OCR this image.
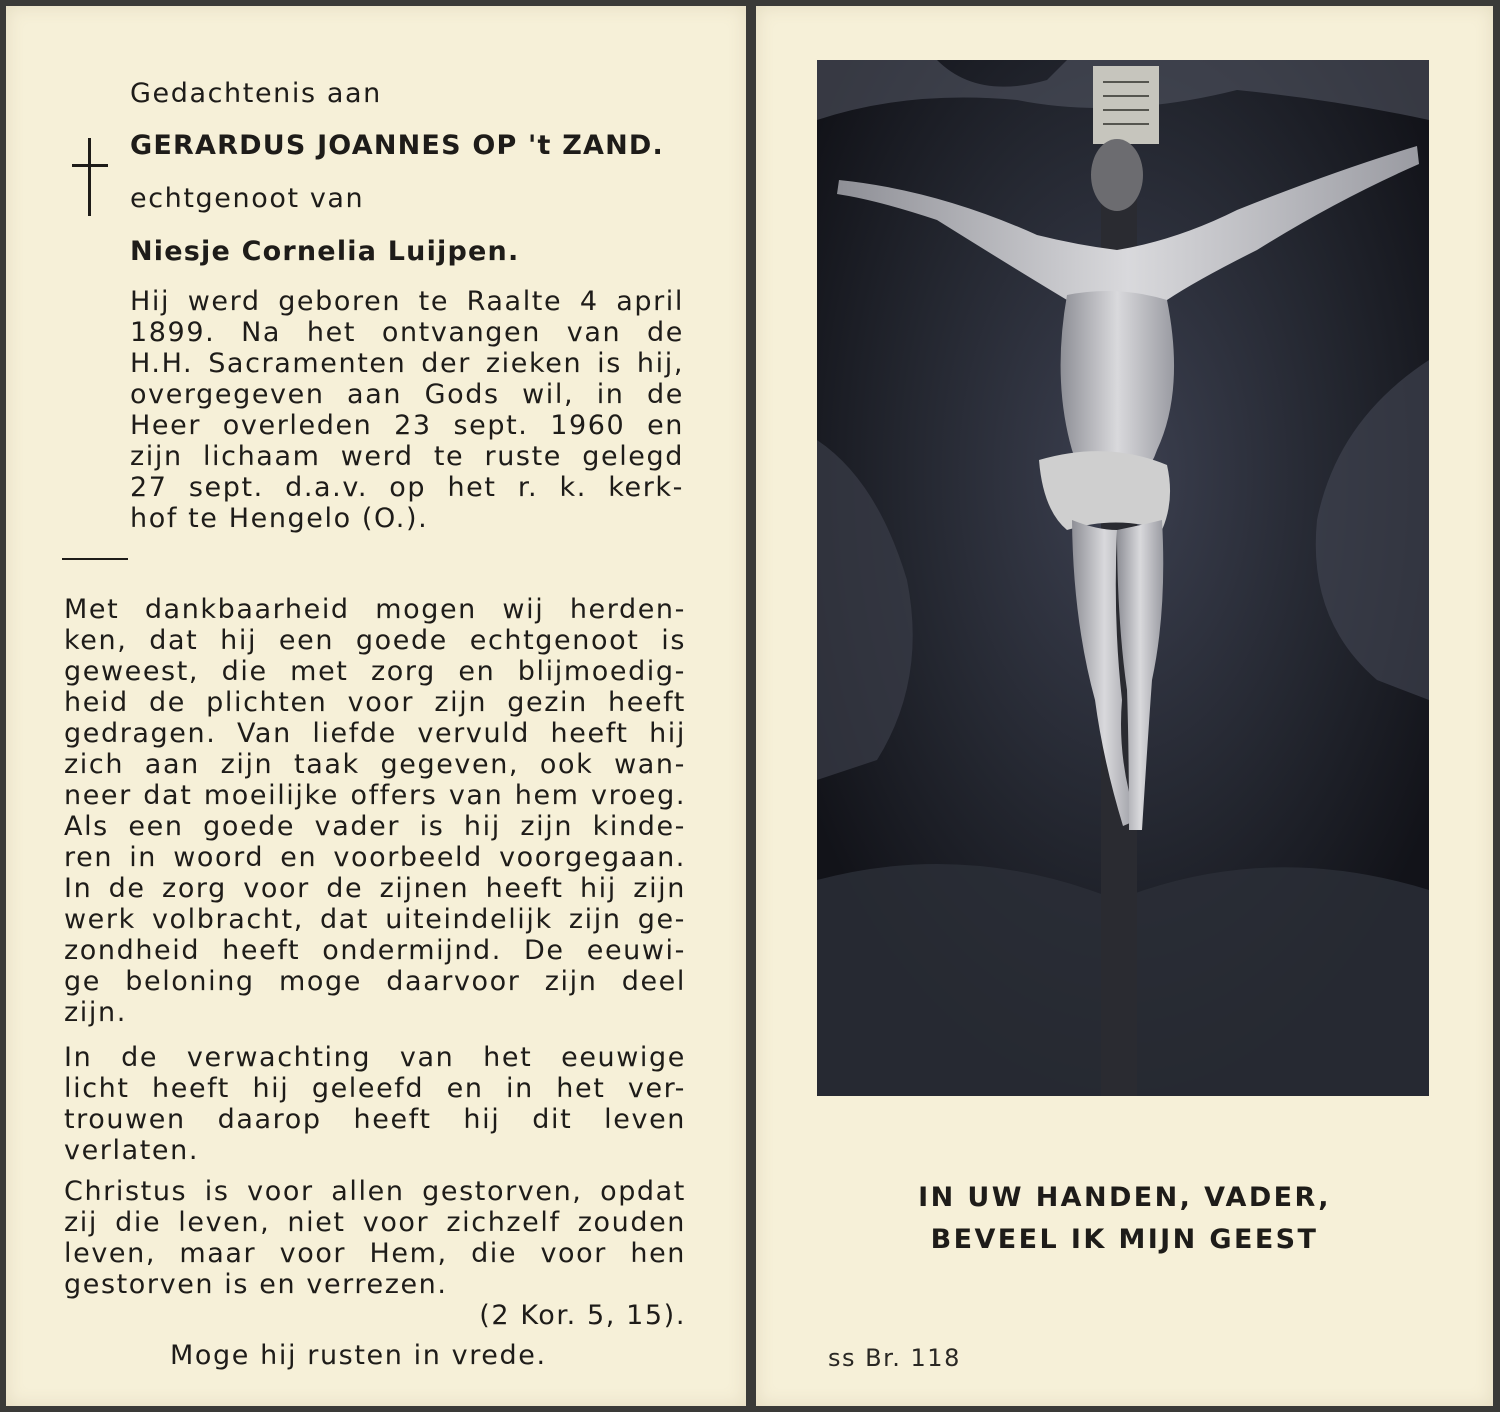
Gedachtenis aan
GERARDUS JOANNES OP 't ZAND.
echtgenoot van
Niesje Cornelia Luijpen.
Hij werd geboren te Raalte 4 april
1899. Na het ontvangen van de
H.H. Sacramenten der zieken is hij,
overgegeven aan Gods wil, in de
Heer overleden 23 sept. 1960 en
zijn lichaam werd te ruste gelegd
27 sept. d.a.v. op het r. k. kerk-
hof te Hengelo (O.).
Met dankbaarheid mogen wij herden-
ken, dat hij een goede echtgenoot is
geweest, die met zorg en blijmoedig-
heid de plichten voor zijn gezin heeft
gedragen. Van liefde vervuld heeft hij
zich aan zijn taak gegeven, ook wan-
neer dat moeilijke offers van hem vroeg.
Als een goede vader is hij zijn kinde-
ren in woord en voorbeeld voorgegaan.
In de zorg voor de zijnen heeft hij zijn
werk volbracht, dat uiteindelijk zijn ge-
zondheid heeft ondermijnd. De eeuwi-
ge beloning moge daarvoor zijn deel
zijn.
In de verwachting van het eeuwige
licht heeft hij geleefd en in het ver-
trouwen daarop heeft hij dit leven
verlaten.
Christus is voor allen gestorven, opdat
zij die leven, niet voor zichzelf zouden
leven, maar voor Hem, die voor hen
gestorven is en verrezen.
(2 Kor. 5, 15).
Moge hij rusten in vrede.
IN UW HANDEN, VADER,
BEVEEL IK MIJN GEEST
ss Br. 118
